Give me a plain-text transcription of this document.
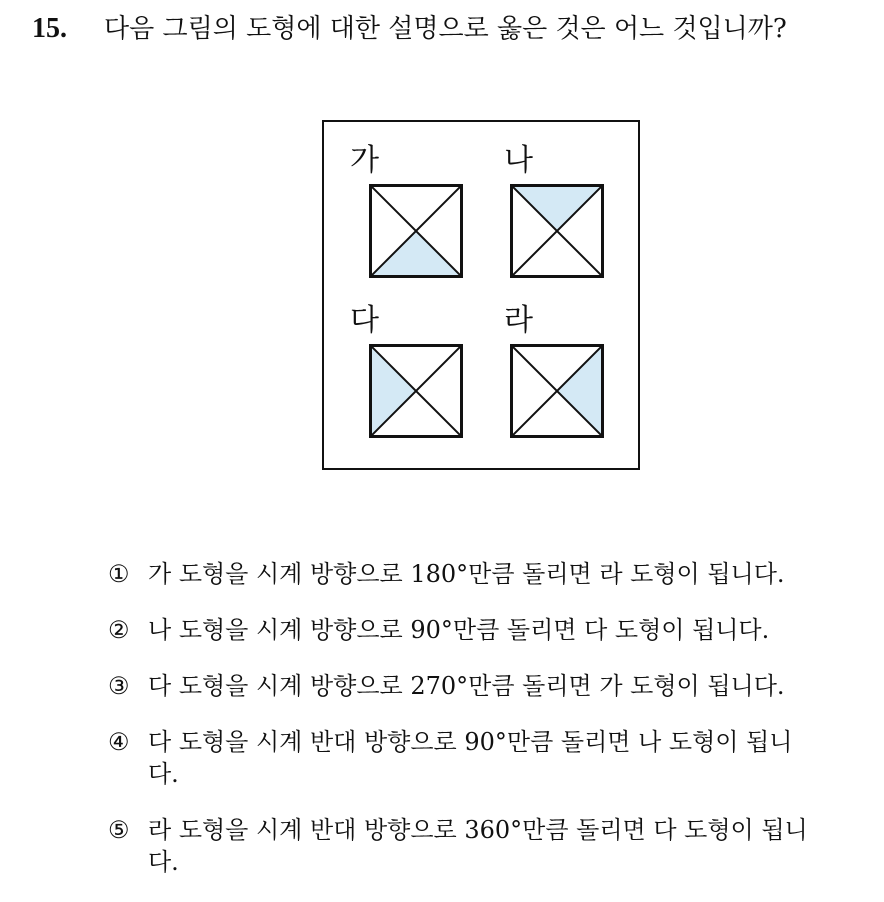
15. 다음 그림의 도형에 대한 설명으로 옳은 것은 어느 것입니까?
가	나
다	라
① 가 도형을 시계 방향으로 180°만큼 돌리면 라 도형이 됩니다.
② 나 도형을 시계 방향으로 90°만큼 돌리면 다 도형이 됩니다.
③ 다 도형을 시계 방향으로 270°만큼 돌리면 가 도형이 됩니다.
④ 다 도형을 시계 반대 방향으로 90°만큼 돌리면 나 도형이 됩니다.
⑤ 라 도형을 시계 반대 방향으로 360°만큼 돌리면 다 도형이 됩니다.
